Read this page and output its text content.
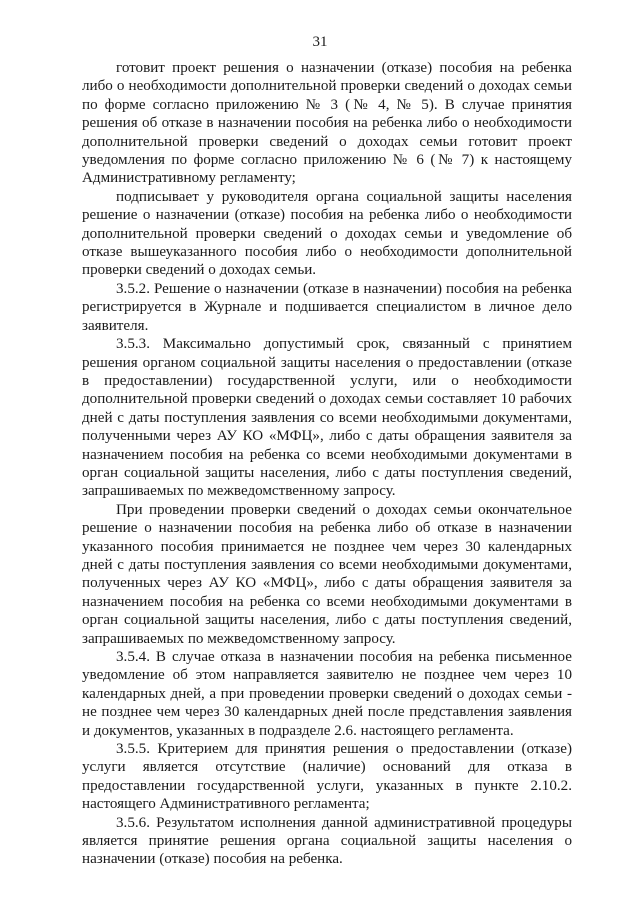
31

готовит проект решения о назначении (отказе) пособия на ребенка либо о необходимости дополнительной проверки сведений о доходах семьи по форме согласно приложению № 3 (№ 4, № 5). В случае принятия решения об отказе в назначении пособия на ребенка либо о необходимости дополнительной проверки сведений о доходах семьи готовит проект уведомления по форме согласно приложению № 6 (№ 7) к настоящему Административному регламенту;

подписывает у руководителя органа социальной защиты населения решение о назначении (отказе) пособия на ребенка либо о необходимости дополнительной проверки сведений о доходах семьи и уведомление об отказе вышеуказанного пособия либо о необходимости дополнительной проверки сведений о доходах семьи.

3.5.2. Решение о назначении (отказе в назначении) пособия на ребенка регистрируется в Журнале и подшивается специалистом в личное дело заявителя.

3.5.3. Максимально допустимый срок, связанный с принятием решения органом социальной защиты населения о предоставлении (отказе в предоставлении) государственной услуги, или о необходимости дополнительной проверки сведений о доходах семьи составляет 10 рабочих дней с даты поступления заявления со всеми необходимыми документами, полученными через АУ КО «МФЦ», либо с даты обращения заявителя за назначением пособия на ребенка со всеми необходимыми документами в орган социальной защиты населения, либо с даты поступления сведений, запрашиваемых по межведомственному запросу.

При проведении проверки сведений о доходах семьи окончательное решение о назначении пособия на ребенка либо об отказе в назначении указанного пособия принимается не позднее чем через 30 календарных дней с даты поступления заявления со всеми необходимыми документами, полученных через АУ КО «МФЦ», либо с даты обращения заявителя за назначением пособия на ребенка со всеми необходимыми документами в орган социальной защиты населения, либо с даты поступления сведений, запрашиваемых по межведомственному запросу.

3.5.4. В случае отказа в назначении пособия на ребенка письменное уведомление об этом направляется заявителю не позднее чем через 10 календарных дней, а при проведении проверки сведений о доходах семьи - не позднее чем через 30 календарных дней после представления заявления и документов, указанных в подразделе 2.6. настоящего регламента.

3.5.5. Критерием для принятия решения о предоставлении (отказе) услуги является отсутствие (наличие) оснований для отказа в предоставлении государственной услуги, указанных в пункте 2.10.2. настоящего Административного регламента;

3.5.6. Результатом исполнения данной административной процедуры является принятие решения органа социальной защиты населения о назначении (отказе) пособия на ребенка.
